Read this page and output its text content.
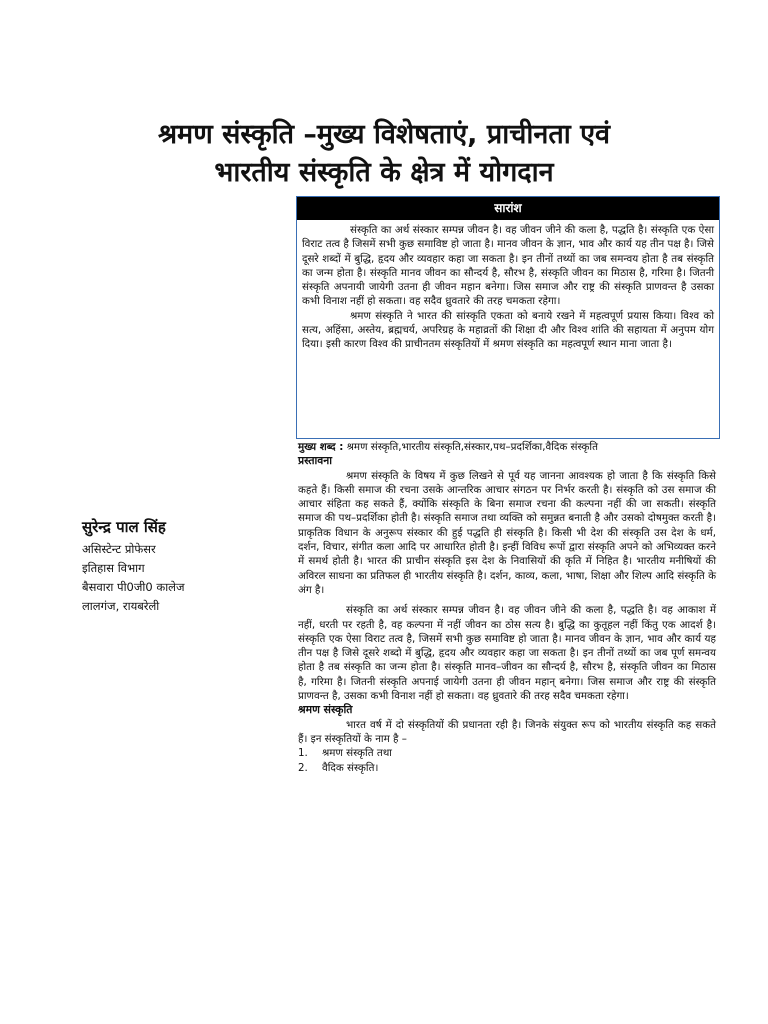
श्रमण संस्कृति –मुख्य विशेषताएं, प्राचीनता एवं
भारतीय संस्कृति के क्षेत्र में योगदान
सारांश

संस्कृति का अर्थ संस्कार सम्पन्न जीवन है। वह जीवन जीने की कला है, पद्धति है। संस्कृति एक ऐसा विराट तत्व है जिसमें सभी कुछ समाविष्ट हो जाता है। मानव जीवन के ज्ञान, भाव और कार्य यह तीन पक्ष है। जिसे दूसरे शब्दों में बुद्धि, हृदय और व्यवहार कहा जा सकता है। इन तीनों तथ्यों का जब समन्वय होता है तब संस्कृति का जन्म होता है। संस्कृति मानव जीवन का सौन्दर्य है, सौरभ है, संस्कृति जीवन का मिठास है, गरिमा है। जितनी संस्कृति अपनायी जायेगी उतना ही जीवन महान बनेगा। जिस समाज और राष्ट्र की संस्कृति प्राणवन्त है उसका कभी विनाश नहीं हो सकता। वह सदैव ध्रुवतारे की तरह चमकता रहेगा।

श्रमण संस्कृति ने भारत की सांस्कृति एकता को बनाये रखने में महत्वपूर्ण प्रयास किया। विश्व को सत्य, अहिंसा, अस्तेय, ब्रह्मचर्य, अपरिग्रह के महाव्रतों की शिक्षा दी और विश्व शांति की सहायता में अनुपम योग दिया। इसी कारण विश्व की प्राचीनतम संस्कृतियों में श्रमण संस्कृति का महत्वपूर्ण स्थान माना जाता है।

सुरेन्द्र पाल सिंह

असिस्टेन्ट प्रोफेसर

इतिहास विभाग

बैसवारा पी0जी0 कालेज

लालगंज, रायबरेली

मुख्य शब्द : श्रमण संस्कृति,भारतीय संस्कृति,संस्कार,पथ–प्रदर्शिका,वैदिक संस्कृति

प्रस्तावना

श्रमण संस्कृति के विषय में कुछ लिखने से पूर्व यह जानना आवश्यक हो जाता है कि संस्कृति किसे कहते हैं। किसी समाज की रचना उसके आन्तरिक आचार संगठन पर निर्भर करती है। संस्कृति को उस समाज की आचार संहिता कह सकते हैं, क्योंकि संस्कृति के बिना समाज रचना की कल्पना नहीं की जा सकती। संस्कृति समाज की पथ–प्रदर्शिका होती है। संस्कृति समाज तथा व्यक्ति को समुन्नत बनाती है और उसको दोषमुक्त करती है। प्राकृतिक विधान के अनुरूप संस्कार की हुई पद्धति ही संस्कृति है। किसी भी देश की संस्कृति उस देश के धर्म, दर्शन, विचार, संगीत कला आदि पर आधारित होती है। इन्हीं विविध रूपों द्वारा संस्कृति अपने को अभिव्यक्त करने में समर्थ होती है। भारत की प्राचीन संस्कृति इस देश के निवासियों की कृति में निहित है। भारतीय मनीषियों की अविरल साधना का प्रतिफल ही भारतीय संस्कृति है। दर्शन, काव्य, कला, भाषा, शिक्षा और शिल्प आदि संस्कृति के अंग है।

संस्कृति का अर्थ संस्कार सम्पन्न जीवन है। वह जीवन जीने की कला है, पद्धति है। वह आकाश में नहीं, धरती पर रहती है, वह कल्पना में नहीं जीवन का ठोस सत्य है। बुद्धि का कुतूहल नहीं किंतु एक आदर्श है। संस्कृति एक ऐसा विराट तत्व है, जिसमें सभी कुछ समाविष्ट हो जाता है। मानव जीवन के ज्ञान, भाव और कार्य यह तीन पक्ष है जिसे दूसरे शब्दो में बुद्धि, हृदय और व्यवहार कहा जा सकता है। इन तीनों तथ्यों का जब पूर्ण समन्वय होता है तब संस्कृति का जन्म होता है। संस्कृति मानव–जीवन का सौन्दर्य है, सौरभ है, संस्कृति जीवन का मिठास है, गरिमा है। जितनी संस्कृति अपनाई जायेगी उतना ही जीवन महान् बनेगा। जिस समाज और राष्ट्र की संस्कृति प्राणवन्त है, उसका कभी विनाश नहीं हो सकता। वह ध्रुवतारे की तरह सदैव चमकता रहेगा।

श्रमण संस्कृति

भारत वर्ष में दो संस्कृतियों की प्रधानता रही है। जिनके संयुक्त रूप को भारतीय संस्कृति कह सकते हैं। इन संस्कृतियों के नाम है –

1.	श्रमण संस्कृति तथा
2.	वैदिक संस्कृति।
